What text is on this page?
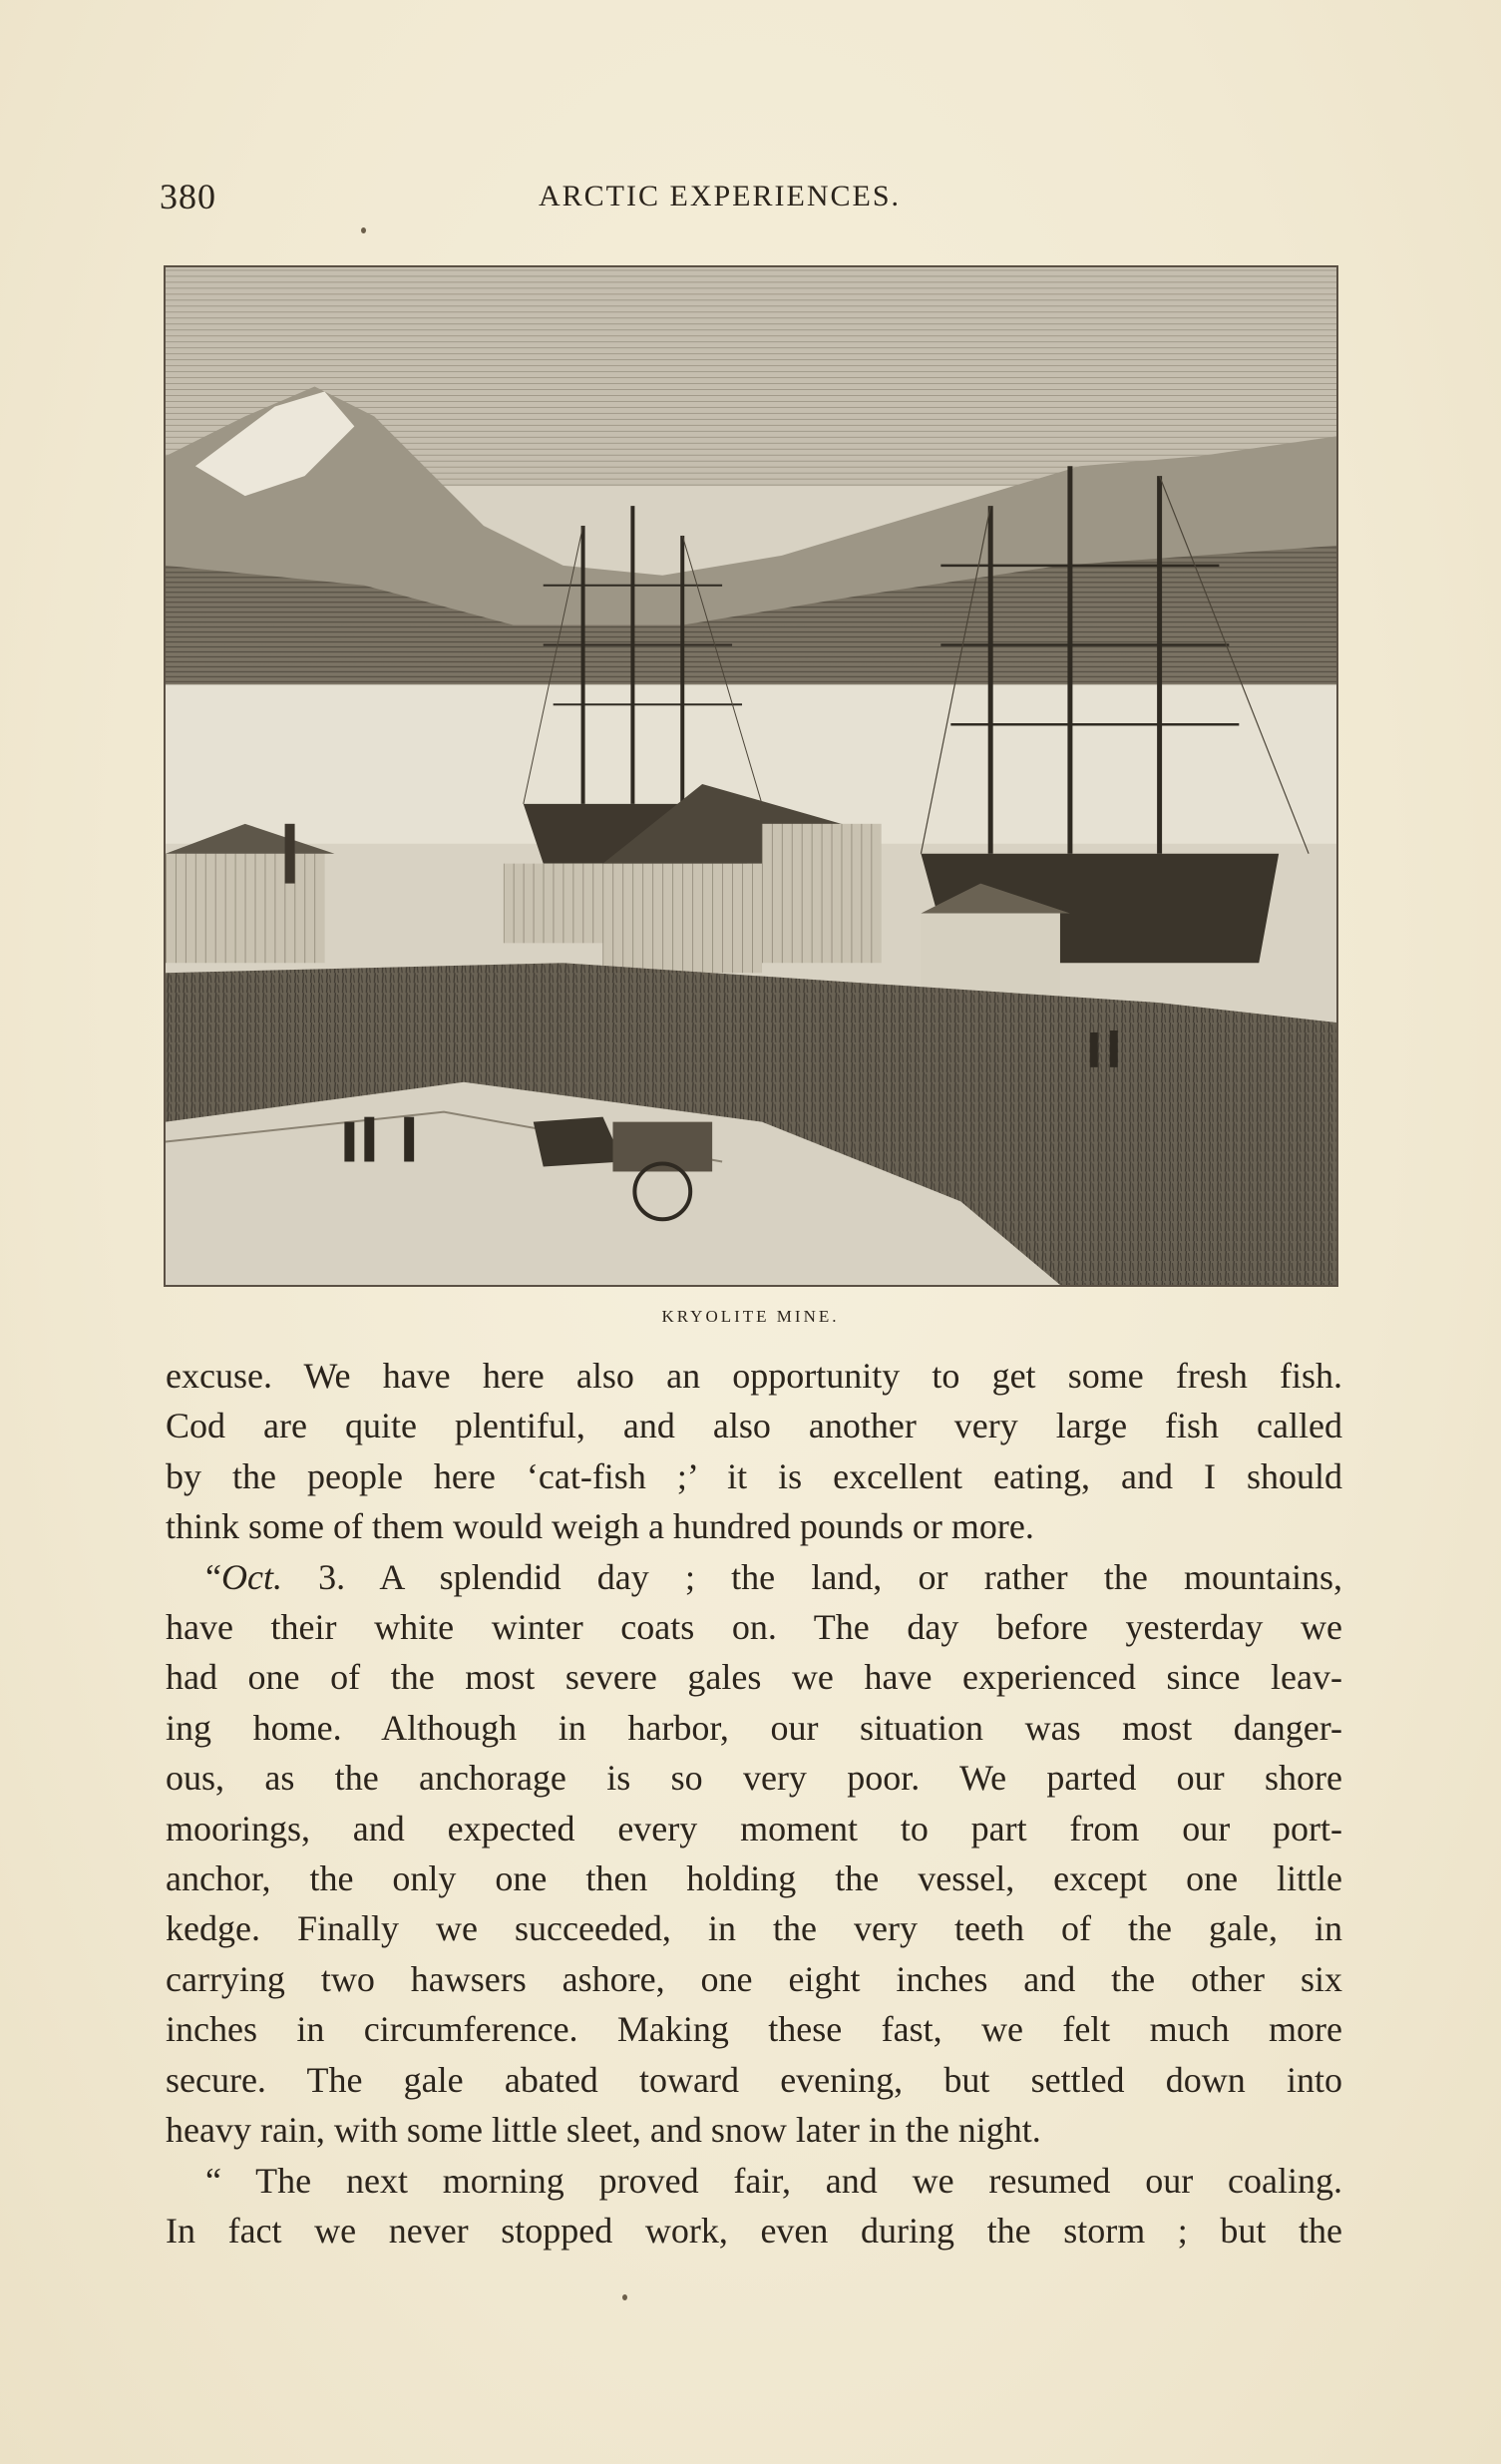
380	ARCTIC EXPERIENCES.
KRYOLITE MINE.
excuse. We have here also an opportunity to get some fresh fish.
Cod are quite plentiful, and also another very large fish called
by the people here ‘cat-fish ;’ it is excellent eating, and I should
think some of them would weigh a hundred pounds or more.
“Oct. 3. A splendid day ; the land, or rather the mountains,
have their white winter coats on. The day before yesterday we
had one of the most severe gales we have experienced since leav-
ing home. Although in harbor, our situation was most danger-
ous, as the anchorage is so very poor. We parted our shore
moorings, and expected every moment to part from our port-
anchor, the only one then holding the vessel, except one little
kedge. Finally we succeeded, in the very teeth of the gale, in
carrying two hawsers ashore, one eight inches and the other six
inches in circumference. Making these fast, we felt much more
secure. The gale abated toward evening, but settled down into
heavy rain, with some little sleet, and snow later in the night.
“ The next morning proved fair, and we resumed our coaling.
In fact we never stopped work, even during the storm ; but the
